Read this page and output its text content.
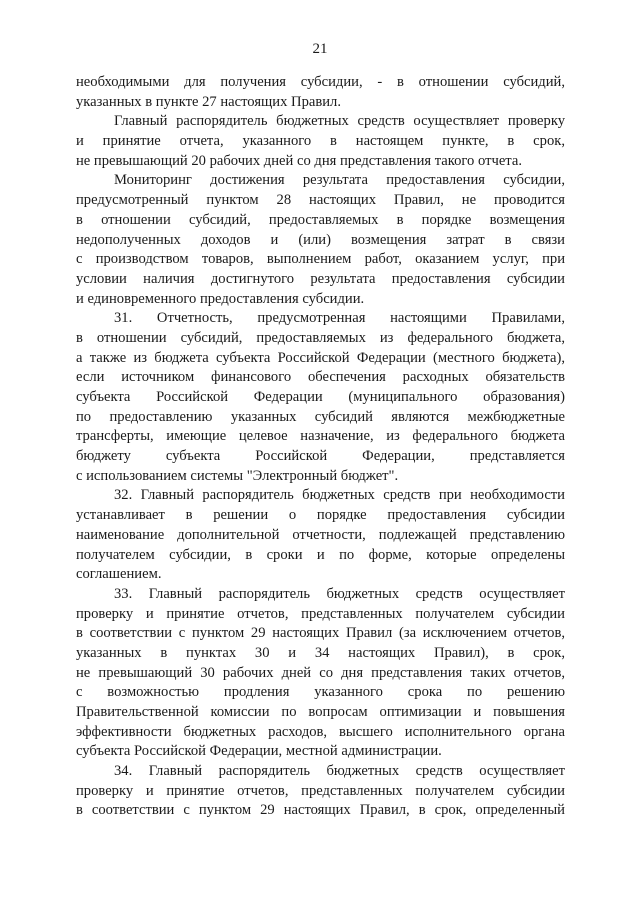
21
необходимыми для получения субсидии, - в отношении субсидий,
указанных в пункте 27 настоящих Правил.
Главный распорядитель бюджетных средств осуществляет проверку
и принятие отчета, указанного в настоящем пункте, в срок,
не превышающий 20 рабочих дней со дня представления такого отчета.
Мониторинг достижения результата предоставления субсидии,
предусмотренный пунктом 28 настоящих Правил, не проводится
в отношении субсидий, предоставляемых в порядке возмещения
недополученных доходов и (или) возмещения затрат в связи
с производством товаров, выполнением работ, оказанием услуг, при
условии наличия достигнутого результата предоставления субсидии
и единовременного предоставления субсидии.
31. Отчетность, предусмотренная настоящими Правилами,
в отношении субсидий, предоставляемых из федерального бюджета,
а также из бюджета субъекта Российской Федерации (местного бюджета),
если источником финансового обеспечения расходных обязательств
субъекта Российской Федерации (муниципального образования)
по предоставлению указанных субсидий являются межбюджетные
трансферты, имеющие целевое назначение, из федерального бюджета
бюджету субъекта Российской Федерации, представляется
с использованием системы "Электронный бюджет".
32. Главный распорядитель бюджетных средств при необходимости
устанавливает в решении о порядке предоставления субсидии
наименование дополнительной отчетности, подлежащей представлению
получателем субсидии, в сроки и по форме, которые определены
соглашением.
33. Главный распорядитель бюджетных средств осуществляет
проверку и принятие отчетов, представленных получателем субсидии
в соответствии с пунктом 29 настоящих Правил (за исключением отчетов,
указанных в пунктах 30 и 34 настоящих Правил), в срок,
не превышающий 30 рабочих дней со дня представления таких отчетов,
с возможностью продления указанного срока по решению
Правительственной комиссии по вопросам оптимизации и повышения
эффективности бюджетных расходов, высшего исполнительного органа
субъекта Российской Федерации, местной администрации.
34. Главный распорядитель бюджетных средств осуществляет
проверку и принятие отчетов, представленных получателем субсидии
в соответствии с пунктом 29 настоящих Правил, в срок, определенный
